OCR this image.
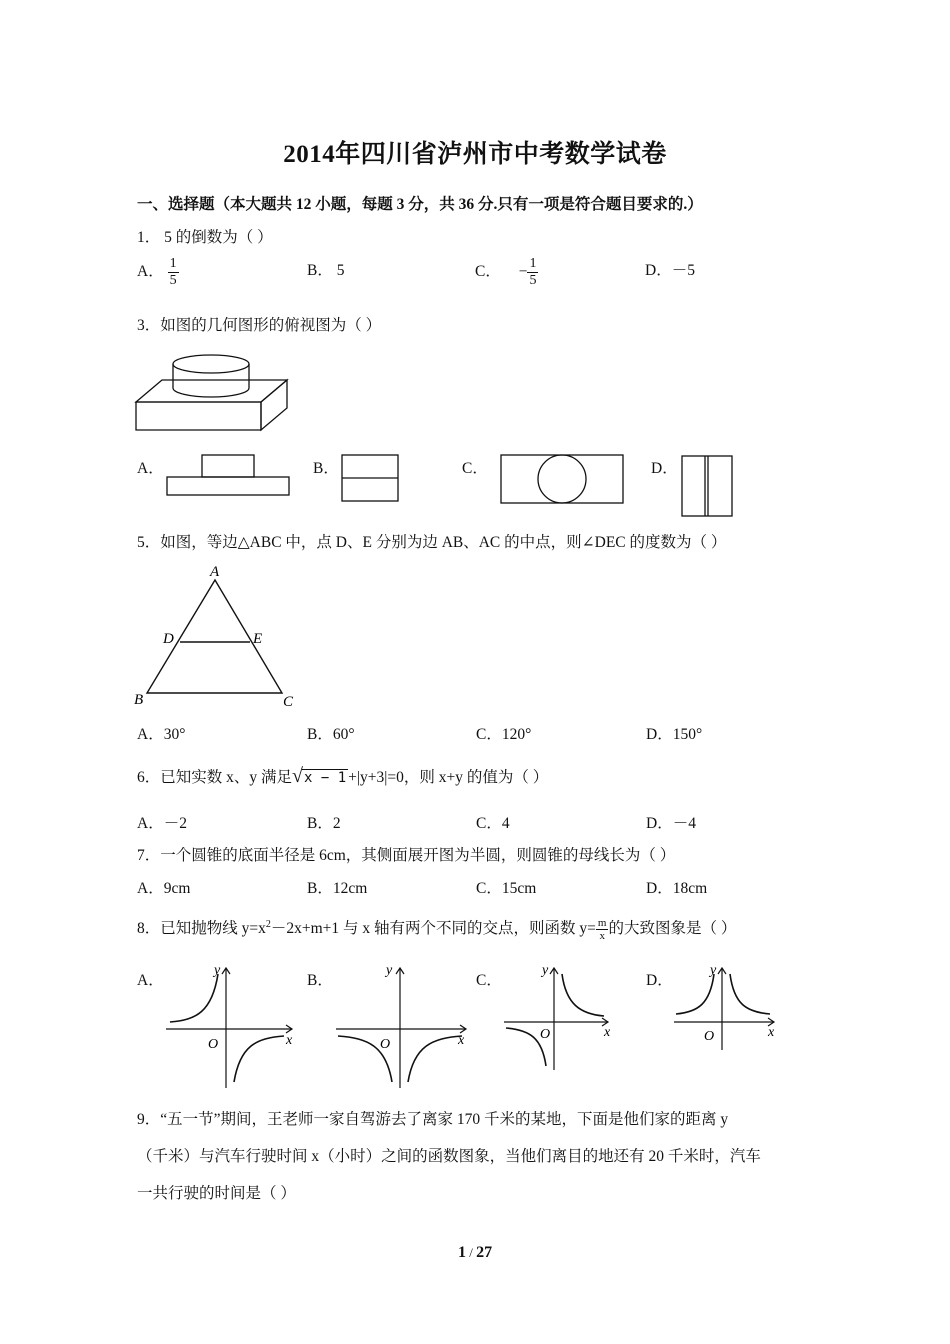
2014年四川省泸州市中考数学试卷
一、选择题（本大题共 12 小题，每题 3 分，共 36 分.只有一项是符合题目要求的.）
1． 5 的倒数为（ ）
A． $\frac{1}{5}$	B． 5	C． − $\frac{1}{5}$	D．－5
3．如图的几何图形的俯视图为（ ）
A．	B．	C．	D．
5．如图，等边△ABC 中，点 D、E 分别为边 AB、AC 的中点，则∠DEC 的度数为（ ）
A
D	E
B	C
A．30°	B．60°	C．120°	D．150°
6．已知实数 x、y 满足√x − 1 +|y+3|=0，则 x+y 的值为（ ）
A．－2	B．2	C．4	D．－4
7．一个圆锥的底面半径是 6cm，其侧面展开图为半圆，则圆锥的母线长为（ ）
A．9cm	B．12cm	C．15cm	D．18cm
8．已知抛物线 $y=x^2-2x+m+1$ 与 x 轴有两个不同的交点，则函数 $y= \frac{m}{x}$ 的大致图象是（ ）
A．
y
x
O
B．
y
x
O
C．
y
x
O
D．
y
x
O
9．“五一节”期间，王老师一家自驾游去了离家 170 千米的某地，下面是他们家的距离 y
（千米）与汽车行驶时间 x（小时）之间的函数图象，当他们离目的地还有 20 千米时，汽车
一共行驶的时间是（ ）
1 / 27
